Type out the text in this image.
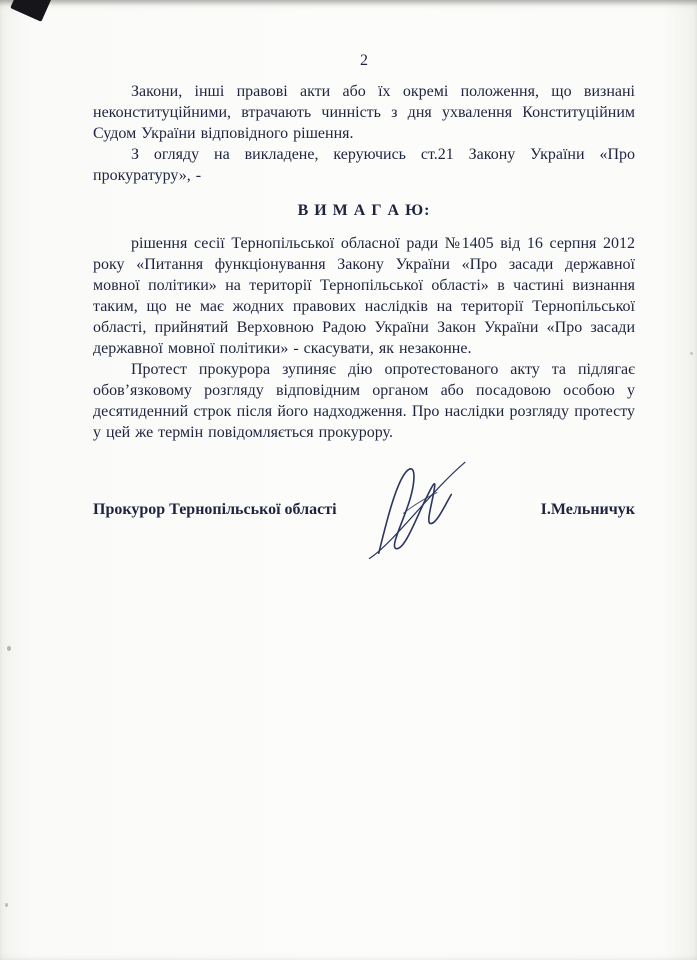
2

Закони, інші правові акти або їх окремі положення, що визнані неконституційними, втрачають чинність з дня ухвалення Конституційним Судом України відповідного рішення.

З огляду на викладене, керуючись ст.21 Закону України «Про прокуратуру», -

В И М А Г А Ю:

рішення сесії Тернопільської обласної ради №1405 від 16 серпня 2012 року «Питання функціонування Закону України «Про засади державної мовної політики» на території Тернопільської області» в частині визнання таким, що не має жодних правових наслідків на території Тернопільської області, прийнятий Верховною Радою України Закон України «Про засади державної мовної політики» - скасувати, як незаконне.

Протест прокурора зупиняє дію опротестованого акту та підлягає обов’язковому розгляду відповідним органом або посадовою особою у десятиденний строк після його надходження. Про наслідки розгляду протесту у цей же термін повідомляється прокурору.

Прокурор Тернопільської області	І.Мельничук
